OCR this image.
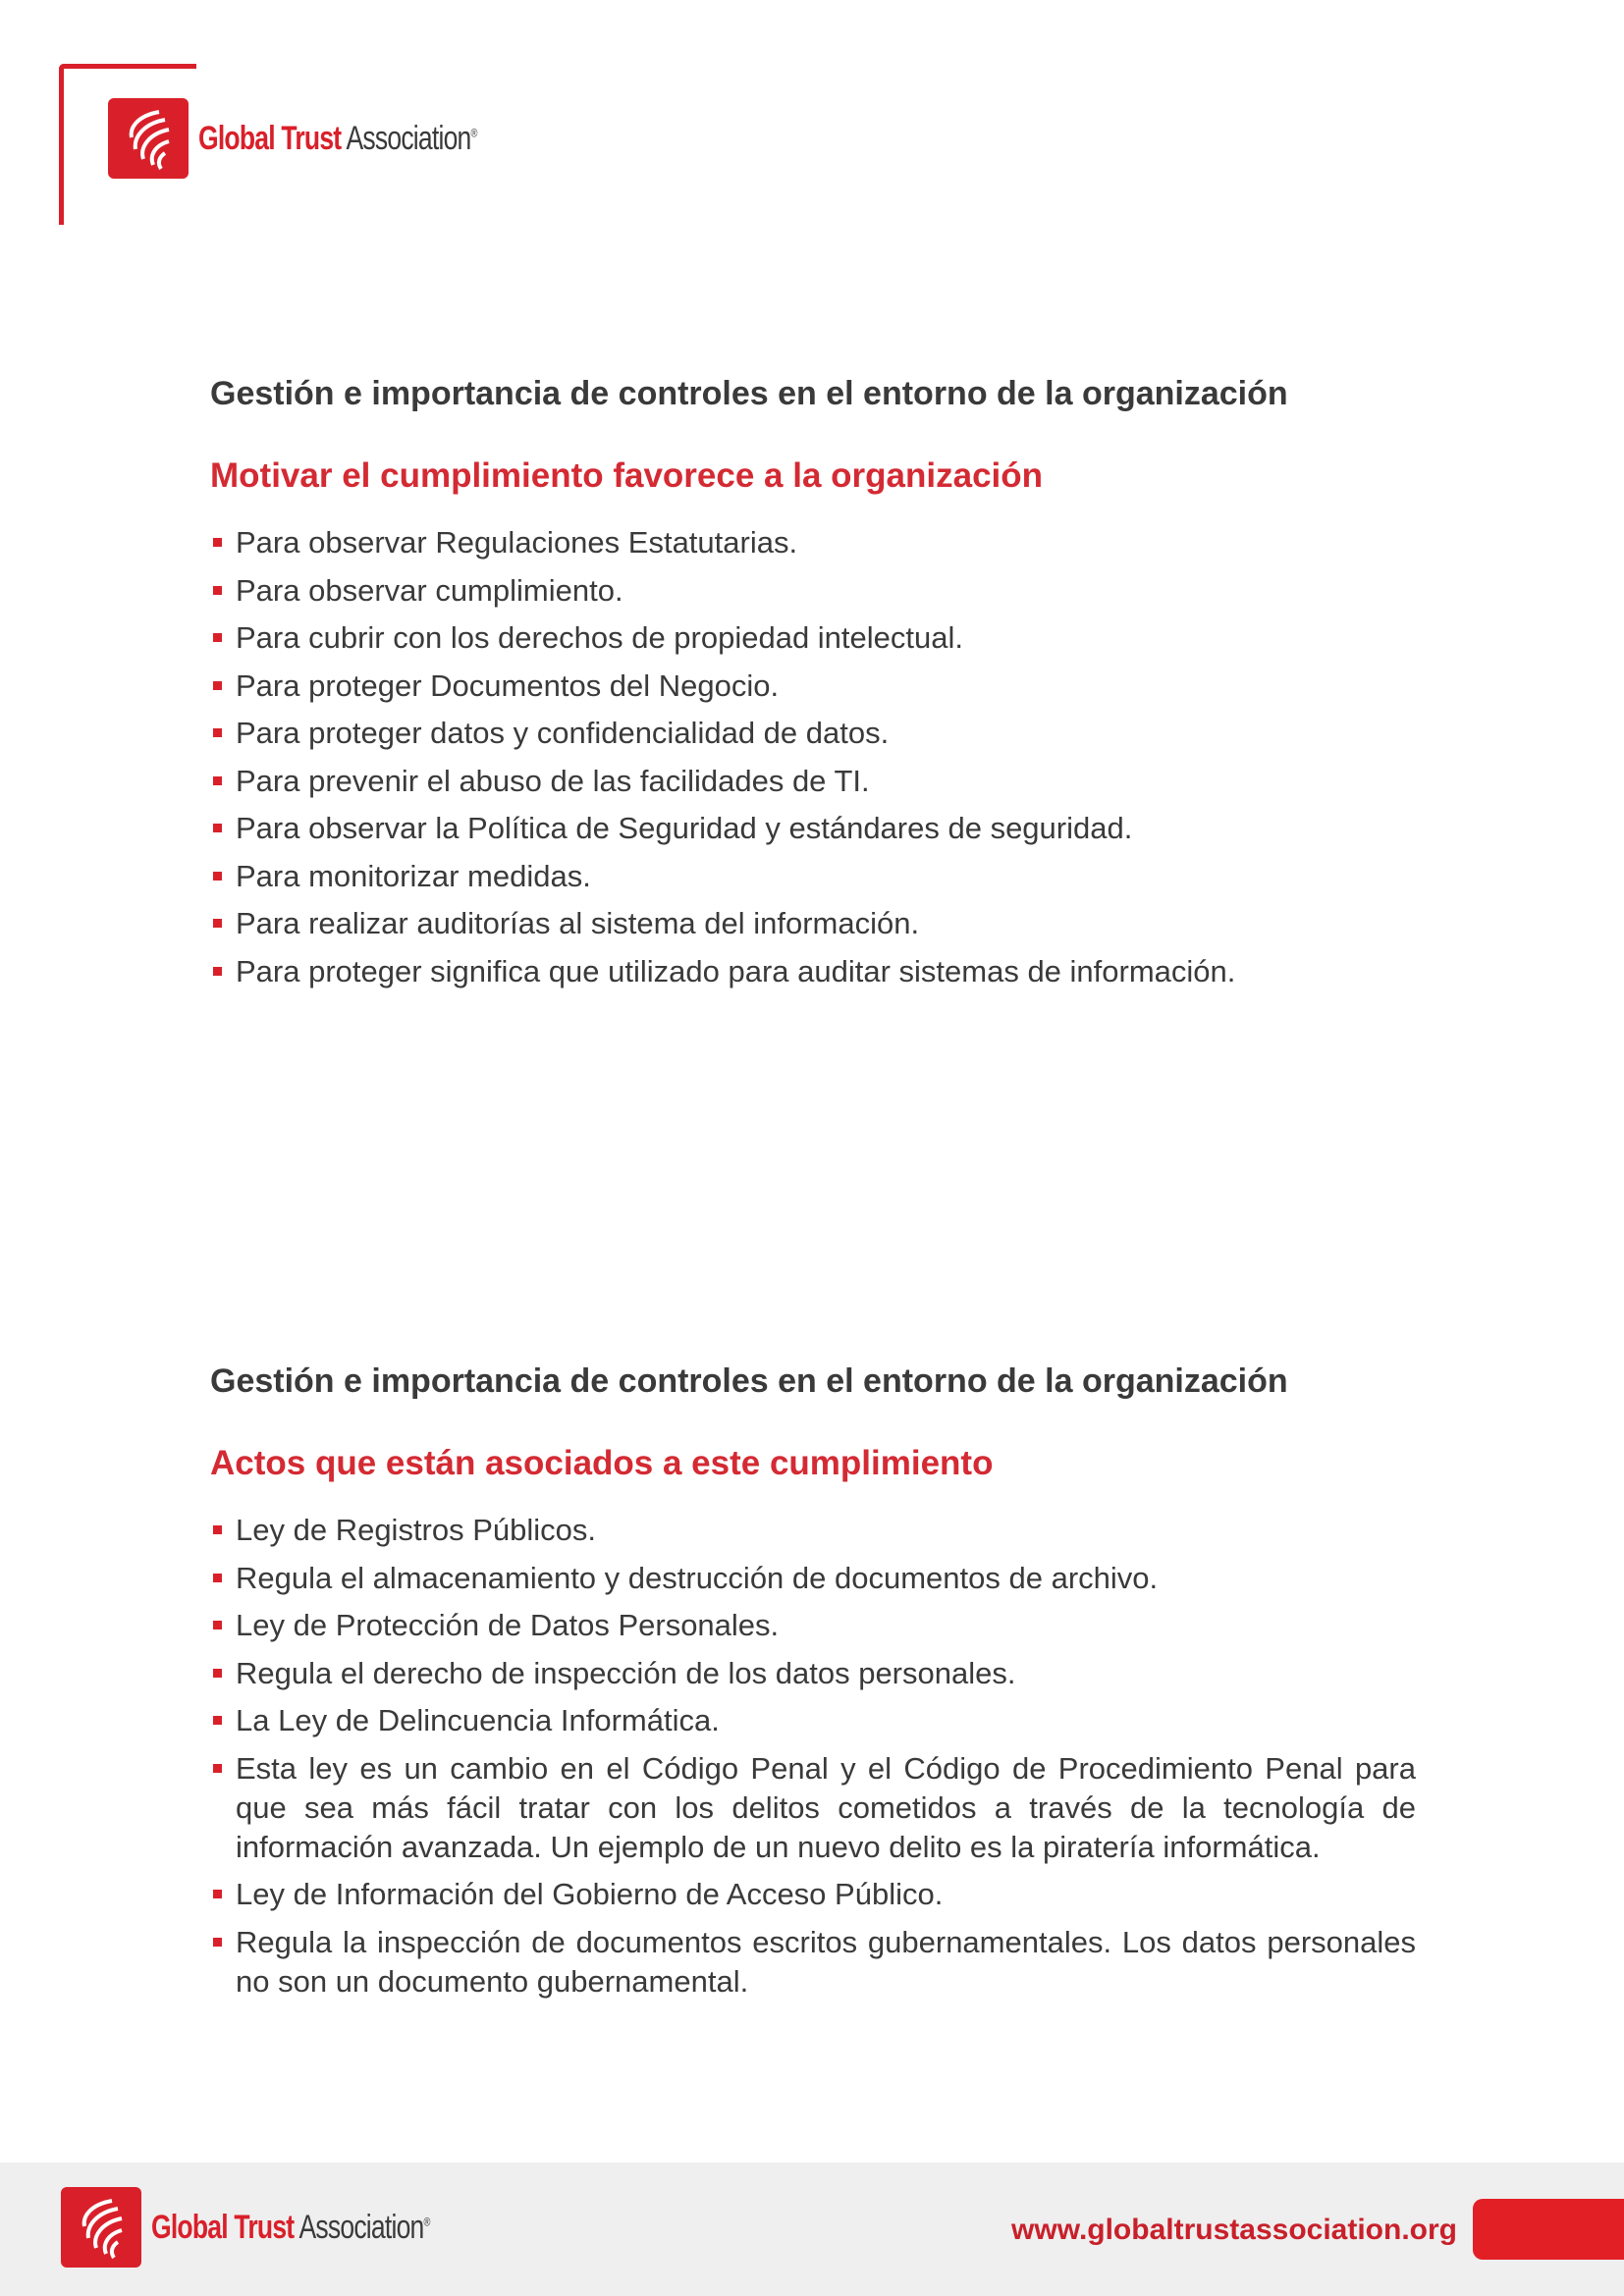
Global Trust Association®
Gestión e importancia de controles en el entorno de la organización
Motivar el cumplimiento favorece a la organización
Para observar Regulaciones Estatutarias.
Para observar cumplimiento.
Para cubrir con los derechos de propiedad intelectual.
Para proteger Documentos del Negocio.
Para proteger datos y confidencialidad de datos.
Para prevenir el abuso de las facilidades de TI.
Para observar la Política de Seguridad y estándares de seguridad.
Para monitorizar medidas.
Para realizar auditorías al sistema del información.
Para proteger significa que utilizado para auditar sistemas de información.
Gestión e importancia de controles en el entorno de la organización
Actos que están asociados a este cumplimiento
Ley de Registros Públicos.
Regula el almacenamiento y destrucción de documentos de archivo.
Ley de Protección de Datos Personales.
Regula el derecho de inspección de los datos personales.
La Ley de Delincuencia Informática.
Esta ley es un cambio en el Código Penal y el Código de Procedimiento Penal para que sea más fácil tratar con los delitos cometidos a través de la tecnología de información avanzada. Un ejemplo de un nuevo delito es la piratería informática.
Ley de Información del Gobierno de Acceso Público.
Regula la inspección de documentos escritos gubernamentales. Los datos personales no son un documento gubernamental.
Global Trust Association®	www.globaltrustassociation.org
